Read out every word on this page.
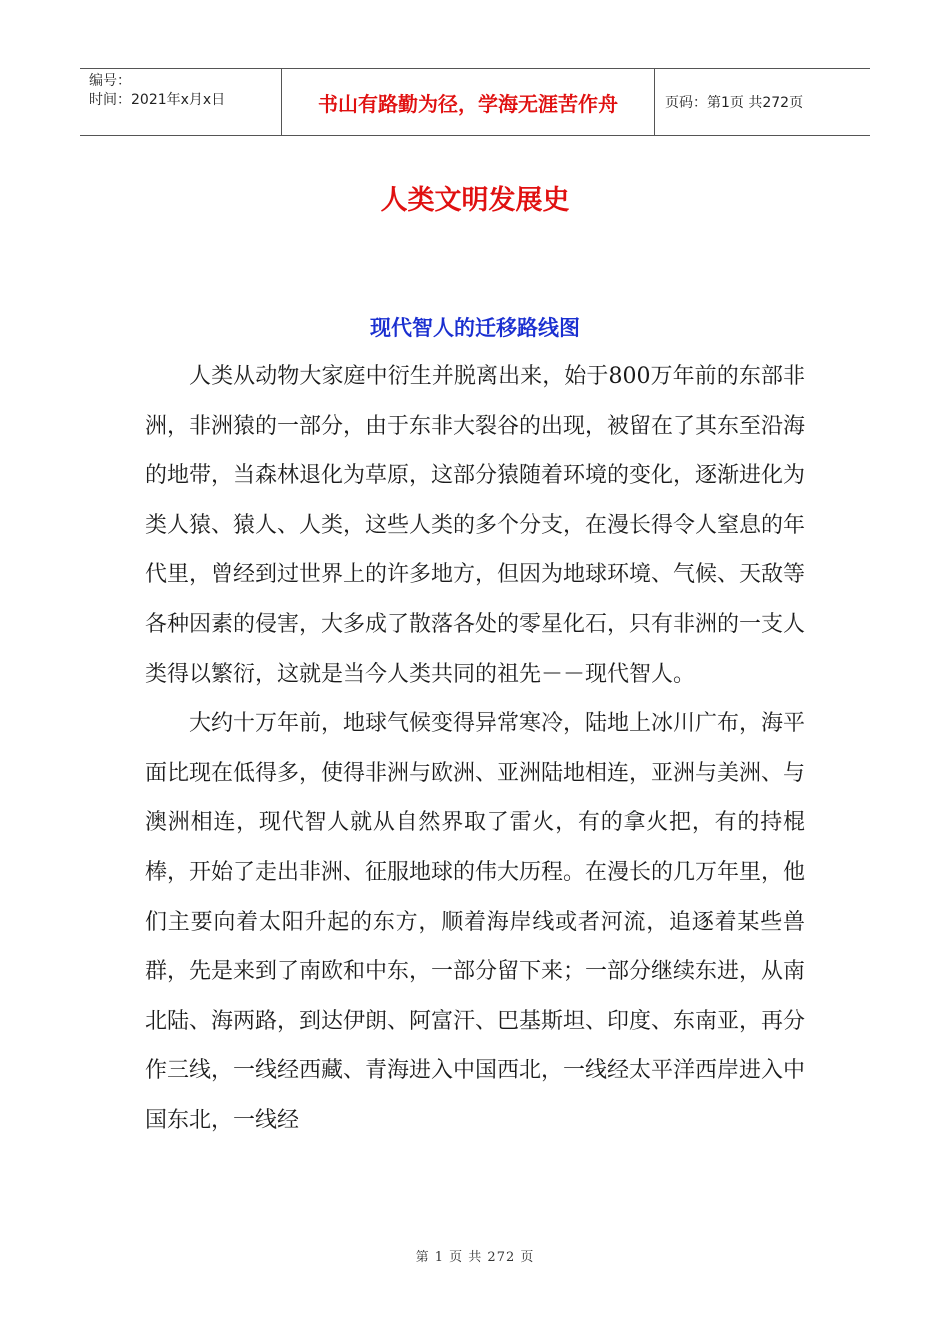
编号：
时间：2021年x月x日	书山有路勤为径，学海无涯苦作舟	页码：第1页 共272页
人类文明发展史
现代智人的迁移路线图

人类从动物大家庭中衍生并脱离出来，始于800万年前的东部非洲，非洲猿的一部分，由于东非大裂谷的出现，被留在了其东至沿海的地带，当森林退化为草原，这部分猿随着环境的变化，逐渐进化为类人猿、猿人、人类，这些人类的多个分支，在漫长得令人窒息的年代里，曾经到过世界上的许多地方，但因为地球环境、气候、天敌等各种因素的侵害，大多成了散落各处的零星化石，只有非洲的一支人类得以繁衍，这就是当今人类共同的祖先－－现代智人。

大约十万年前，地球气候变得异常寒冷，陆地上冰川广布，海平面比现在低得多，使得非洲与欧洲、亚洲陆地相连，亚洲与美洲、与澳洲相连，现代智人就从自然界取了雷火，有的拿火把，有的持棍棒，开始了走出非洲、征服地球的伟大历程。在漫长的几万年里，他们主要向着太阳升起的东方，顺着海岸线或者河流，追逐着某些兽群，先是来到了南欧和中东，一部分留下来；一部分继续东进，从南北陆、海两路，到达伊朗、阿富汗、巴基斯坦、印度、东南亚，再分作三线，一线经西藏、青海进入中国西北，一线经太平洋西岸进入中国东北，一线经

第 1 页 共 272 页
